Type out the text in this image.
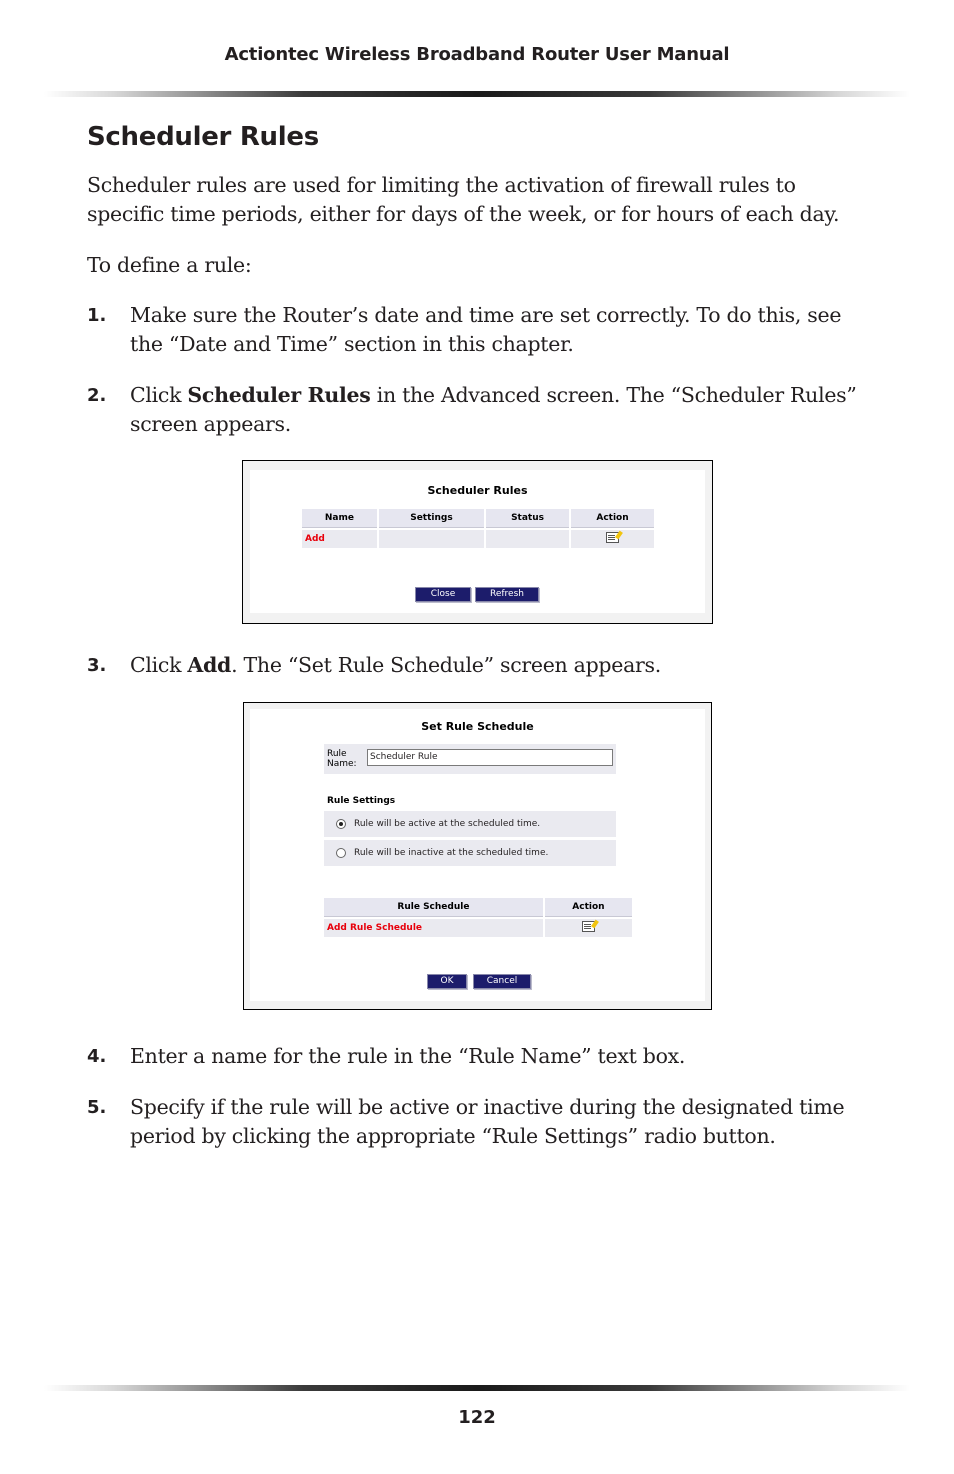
Actiontec Wireless Broadband Router User Manual
Scheduler Rules

Scheduler rules are used for limiting the activation of firewall rules to specific time periods, either for days of the week, or for hours of each day.

To define a rule:

1. Make sure the Router’s date and time are set correctly. To do this, see the “Date and Time” section in this chapter.
2. Click Scheduler Rules in the Advanced screen. The “Scheduler Rules” screen appears.
Scheduler Rules
Name	Settings	Status	Action
Add			
Close	Refresh
3. Click Add. The “Set Rule Schedule” screen appears.
Set Rule Schedule
Rule
Name:
Scheduler Rule
Rule Settings
Rule will be active at the scheduled time.
Rule will be inactive at the scheduled time.
Rule Schedule	Action
Add Rule Schedule	
OK	Cancel
4. Enter a name for the rule in the “Rule Name” text box.
5. Specify if the rule will be active or inactive during the designated time period by clicking the appropriate “Rule Settings” radio button.
122
